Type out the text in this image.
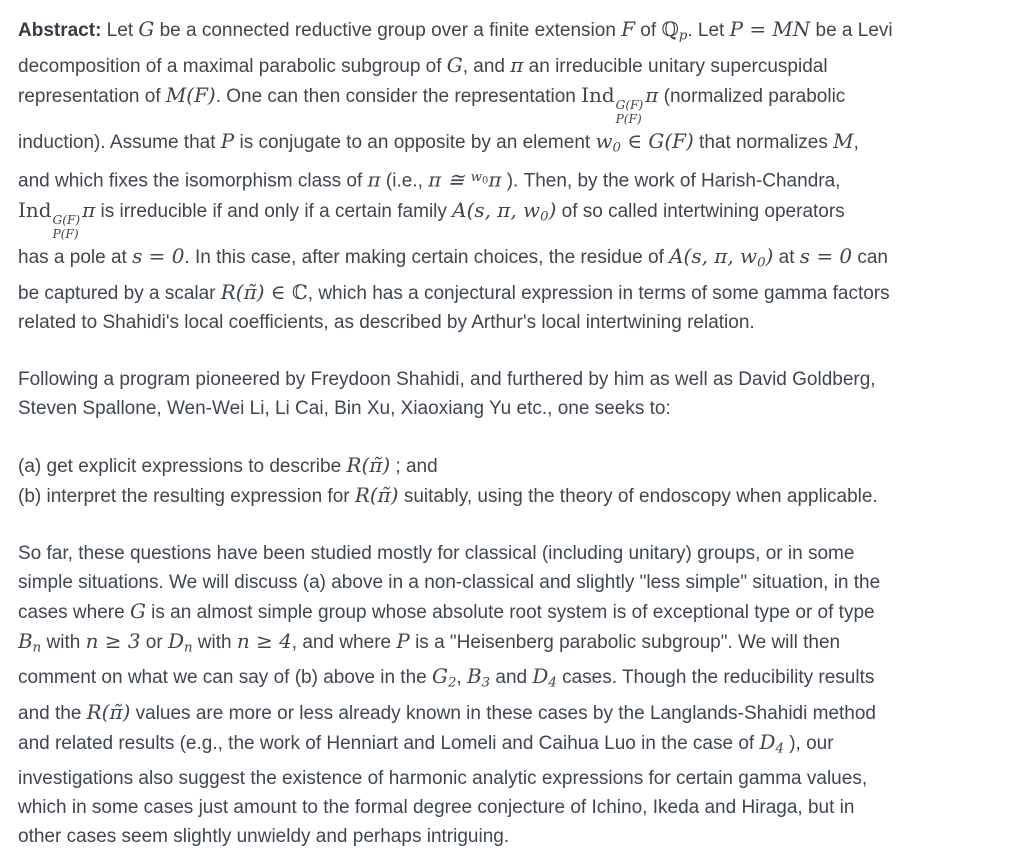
Abstract: Let G be a connected reductive group over a finite extension F of ℚp. Let P = MN be a Levi
decomposition of a maximal parabolic subgroup of G, and π an irreducible unitary supercuspidal
representation of M(F). One can then consider the representation Ind G(F)
P(F)
π (normalized parabolic
induction). Assume that P is conjugate to an opposite by an element w0 ∈ G(F) that normalizes M,
and which fixes the isomorphism class of π (i.e., π ≅ $^w$0π ). Then, by the work of Harish-Chandra,
Ind G(F)
P(F)
π is irreducible if and only if a certain family A(s, π, w0) of so called intertwining operators
has a pole at s = 0. In this case, after making certain choices, the residue of A(s, π, w0) at s = 0 can
be captured by a scalar R(π̃) ∈ ℂ, which has a conjectural expression in terms of some gamma factors
related to Shahidi's local coefficients, as described by Arthur's local intertwining relation.
Following a program pioneered by Freydoon Shahidi, and furthered by him as well as David Goldberg,
Steven Spallone, Wen-Wei Li, Li Cai, Bin Xu, Xiaoxiang Yu etc., one seeks to:
(a) get explicit expressions to describe R(π̃) ; and
(b) interpret the resulting expression for R(π̃) suitably, using the theory of endoscopy when applicable.
So far, these questions have been studied mostly for classical (including unitary) groups, or in some
simple situations. We will discuss (a) above in a non-classical and slightly "less simple" situation, in the
cases where G is an almost simple group whose absolute root system is of exceptional type or of type
Bn with n ≥ 3 or Dn with n ≥ 4, and where P is a "Heisenberg parabolic subgroup". We will then
comment on what we can say of (b) above in the G2, B3 and D4 cases. Though the reducibility results
and the R(π̃) values are more or less already known in these cases by the Langlands-Shahidi method
and related results (e.g., the work of Henniart and Lomeli and Caihua Luo in the case of D4 ), our
investigations also suggest the existence of harmonic analytic expressions for certain gamma values,
which in some cases just amount to the formal degree conjecture of Ichino, Ikeda and Hiraga, but in
other cases seem slightly unwieldy and perhaps intriguing.
